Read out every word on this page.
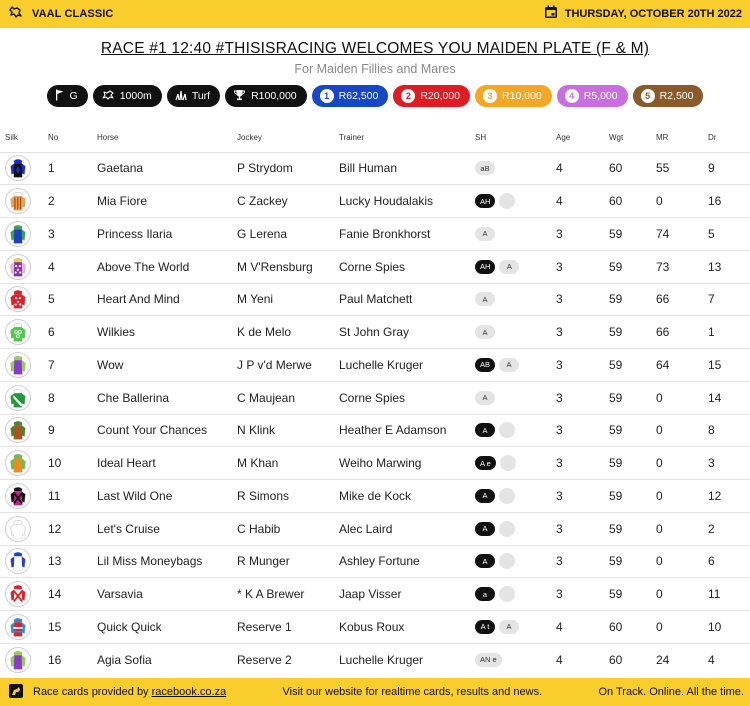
VAAL CLASSIC	THURSDAY, OCTOBER 20TH 2022
RACE #1 12:40 #THISISRACING WELCOMES YOU MAIDEN PLATE (F & M)
For Maiden Fillies and Mares
G	1000m	Turf	R100,000	1 R62,500	2 R20,000	3 R10,000	4 R5,000	5 R2,500
Silk	No	Horse	Jockey	Trainer	SH	Age	Wgt	MR	Dr

	1	Gaetana	P Strydom	Bill Human	aB	4	60	55	9

	2	Mia Fiore	C Zackey	Lucky Houdalakis	AH	4	60	0	16

	3	Princess Ilaria	G Lerena	Fanie Bronkhorst	A	3	59	74	5

	4	Above The World	M V'Rensburg	Corne Spies	AH A	3	59	73	13

	5	Heart And Mind	M Yeni	Paul Matchett	A	3	59	66	7

	6	Wilkies	K de Melo	St John Gray	A	3	59	66	1

	7	Wow	J P v'd Merwe	Luchelle Kruger	AB A	3	59	64	15

	8	Che Ballerina	C Maujean	Corne Spies	A	3	59	0	14

	9	Count Your Chances	N Klink	Heather E Adamson	A	3	59	0	8

	10	Ideal Heart	M Khan	Weiho Marwing	A e	3	59	0	3

	11	Last Wild One	R Simons	Mike de Kock	A	3	59	0	12

	12	Let's Cruise	C Habib	Alec Laird	A	3	59	0	2

	13	Lil Miss Moneybags	R Munger	Ashley Fortune	A	3	59	0	6

	14	Varsavia	* K A Brewer	Jaap Visser	a	3	59	0	11

	15	Quick Quick	Reserve 1	Kobus Roux	A t A	4	60	0	10

	16	Agia Sofia	Reserve 2	Luchelle Kruger	AN e	4	60	24	4
Race cards provided by racebook.co.za	Visit our website for realtime cards, results and news.	On Track. Online. All the time.
